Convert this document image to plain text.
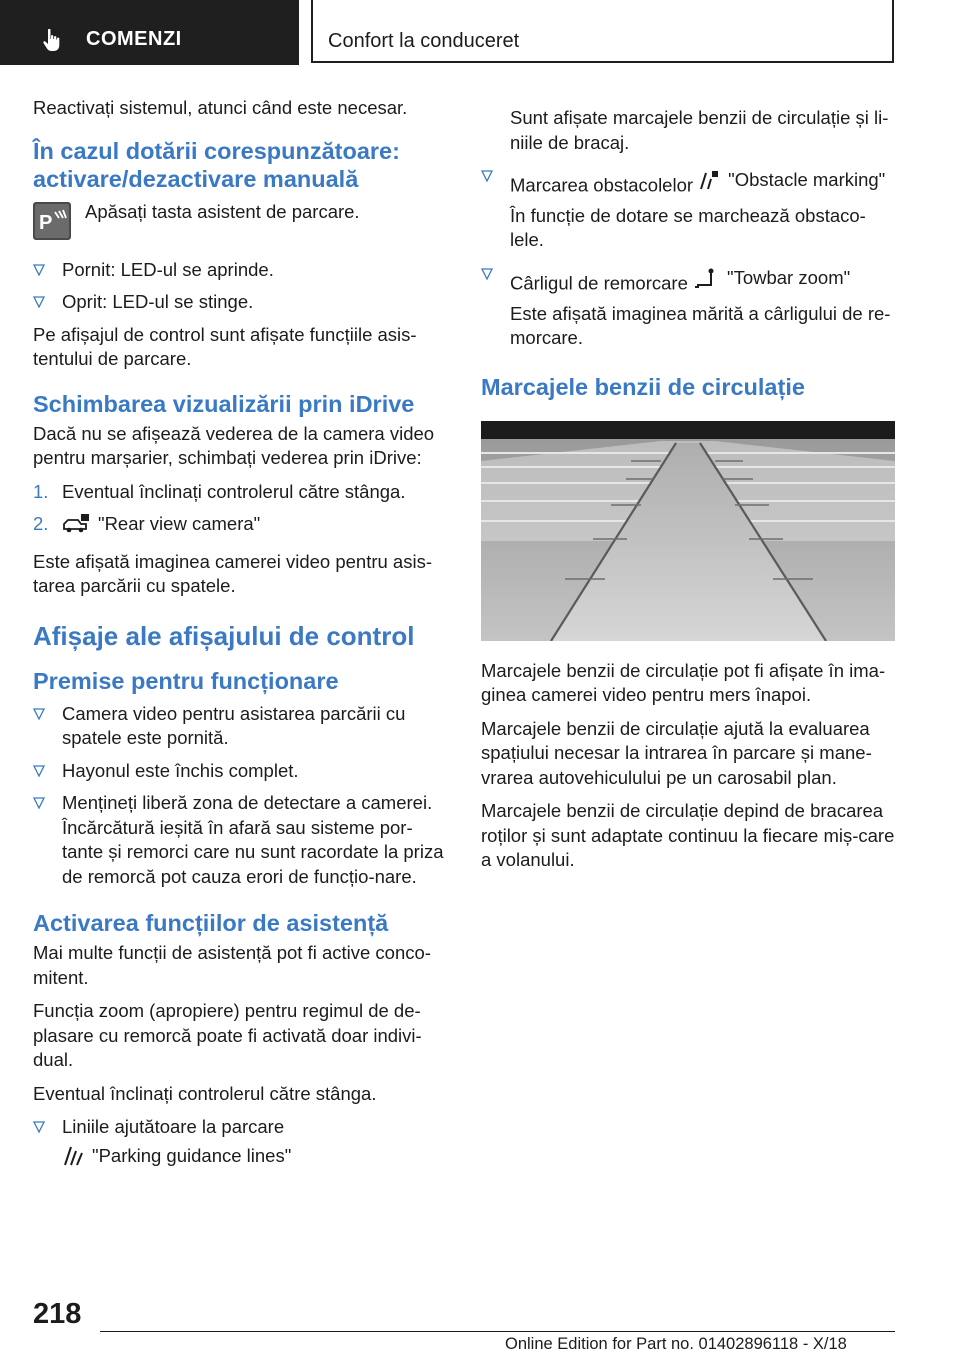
COMENZI	Confort la conduceret

Reactivați sistemul, atunci când este necesar.

În cazul dotării corespunzătoare: activare/dezactivare manuală
P

Apăsați tasta asistent de parcare.

Pornit: LED-ul se aprinde.
Oprit: LED-ul se stinge.

Pe afișajul de control sunt afișate funcțiile asis‐tentului de parcare.

Schimbarea vizualizării prin iDrive

Dacă nu se afișează vederea de la camera video pentru marșarier, schimbați vederea prin iDrive:

1. Eventual înclinați controlerul către stânga.
2.	"Rear view camera"

Este afișată imaginea camerei video pentru asis‐tarea parcării cu spatele.

Afișaje ale afișajului de control
Premise pentru funcționare
Camera video pentru asistarea parcării cu spatele este pornită.
Hayonul este închis complet.
Mențineți liberă zona de detectare a camerei. Încărcătură ieșită în afară sau sisteme por‐tante și remorci care nu sunt racordate la priza de remorcă pot cauza erori de funcțio‐nare.
Activarea funcțiilor de asistență

Mai multe funcții de asistență pot fi active conco‐mitent.

Funcția zoom (apropiere) pentru regimul de de‐plasare cu remorcă poate fi activată doar indivi‐dual.

Eventual înclinați controlerul către stânga.

Liniile ajutătoare la parcare
"Parking guidance lines"

Sunt afișate marcajele benzii de circulație și li‐niile de bracaj.

Marcarea obstacolelor "Obstacle marking"

În funcție de dotare se marchează obstaco‐lele.

Cârligul de remorcare "Towbar zoom"

Este afișată imaginea mărită a cârligului de re‐morcare.

Marcajele benzii de circulație

Marcajele benzii de circulație pot fi afișate în ima‐ginea camerei video pentru mers înapoi.

Marcajele benzii de circulație ajută la evaluarea spațiului necesar la intrarea în parcare și mane‐vrarea autovehiculului pe un carosabil plan.

Marcajele benzii de circulație depind de bracarea roților și sunt adaptate continuu la fiecare miș‐care a volanului.

218
Online Edition for Part no. 01402896118 - X/18
